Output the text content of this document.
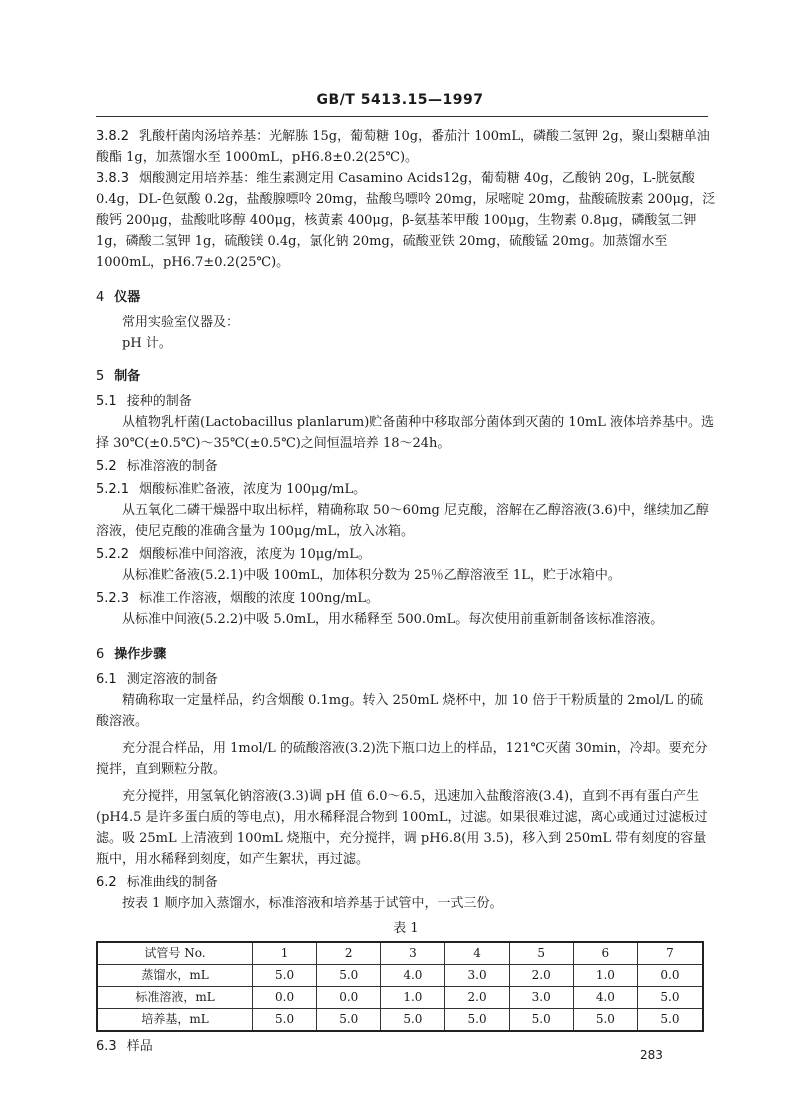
GB/T 5413.15—1997

3.8.2 乳酸杆菌肉汤培养基：光解胨 15g，葡萄糖 10g，番茄汁 100mL，磷酸二氢钾 2g，聚山梨糖单油酸酯 1g，加蒸馏水至 1000mL，pH6.8±0.2(25℃)。

3.8.3 烟酸测定用培养基：维生素测定用 Casamino Acids12g，葡萄糖 40g，乙酸钠 20g，L-胱氨酸 0.4g，DL-色氨酸 0.2g，盐酸腺嘌呤 20mg，盐酸鸟嘌呤 20mg，尿嘧啶 20mg，盐酸硫胺素 200μg，泛酸钙 200μg，盐酸吡哆醇 400μg，核黄素 400μg，β-氨基苯甲酸 100μg，生物素 0.8μg，磷酸氢二钾 1g，磷酸二氢钾 1g，硫酸镁 0.4g，氯化钠 20mg，硫酸亚铁 20mg，硫酸锰 20mg。加蒸馏水至 1000mL，pH6.7±0.2(25℃)。

4 仪器

常用实验室仪器及：

pH 计。

5 制备

5.1 接种的制备

从植物乳杆菌(Lactobacillus planlarum)贮备菌种中移取部分菌体到灭菌的 10mL 液体培养基中。选择 30℃(±0.5℃)～35℃(±0.5℃)之间恒温培养 18～24h。

5.2 标准溶液的制备

5.2.1 烟酸标准贮备液，浓度为 100μg/mL。

从五氧化二磷干燥器中取出标样，精确称取 50～60mg 尼克酸，溶解在乙醇溶液(3.6)中，继续加乙醇溶液，使尼克酸的准确含量为 100μg/mL，放入冰箱。

5.2.2 烟酸标准中间溶液，浓度为 10μg/mL。

从标准贮备液(5.2.1)中吸 100mL，加体积分数为 25％乙醇溶液至 1L，贮于冰箱中。

5.2.3 标准工作溶液，烟酸的浓度 100ng/mL。

从标准中间液(5.2.2)中吸 5.0mL，用水稀释至 500.0mL。每次使用前重新制备该标准溶液。

6 操作步骤

6.1 测定溶液的制备

精确称取一定量样品，约含烟酸 0.1mg。转入 250mL 烧杯中，加 10 倍于干粉质量的 2mol/L 的硫酸溶液。

充分混合样品，用 1mol/L 的硫酸溶液(3.2)洗下瓶口边上的样品，121℃灭菌 30min，冷却。要充分搅拌，直到颗粒分散。

充分搅拌，用氢氧化钠溶液(3.3)调 pH 值 6.0～6.5，迅速加入盐酸溶液(3.4)，直到不再有蛋白产生(pH4.5 是许多蛋白质的等电点)，用水稀释混合物到 100mL，过滤。如果很难过滤，离心或通过过滤板过滤。吸 25mL 上清液到 100mL 烧瓶中，充分搅拌，调 pH6.8(用 3.5)，移入到 250mL 带有刻度的容量瓶中，用水稀释到刻度，如产生絮状，再过滤。

6.2 标准曲线的制备

按表 1 顺序加入蒸馏水，标准溶液和培养基于试管中，一式三份。

表 1
试管号 No.	1	2	3	4	5	6	7
蒸馏水，mL	5.0	5.0	4.0	3.0	2.0	1.0	0.0
标准溶液，mL	0.0	0.0	1.0	2.0	3.0	4.0	5.0
培养基，mL	5.0	5.0	5.0	5.0	5.0	5.0	5.0

6.3 样品

283
